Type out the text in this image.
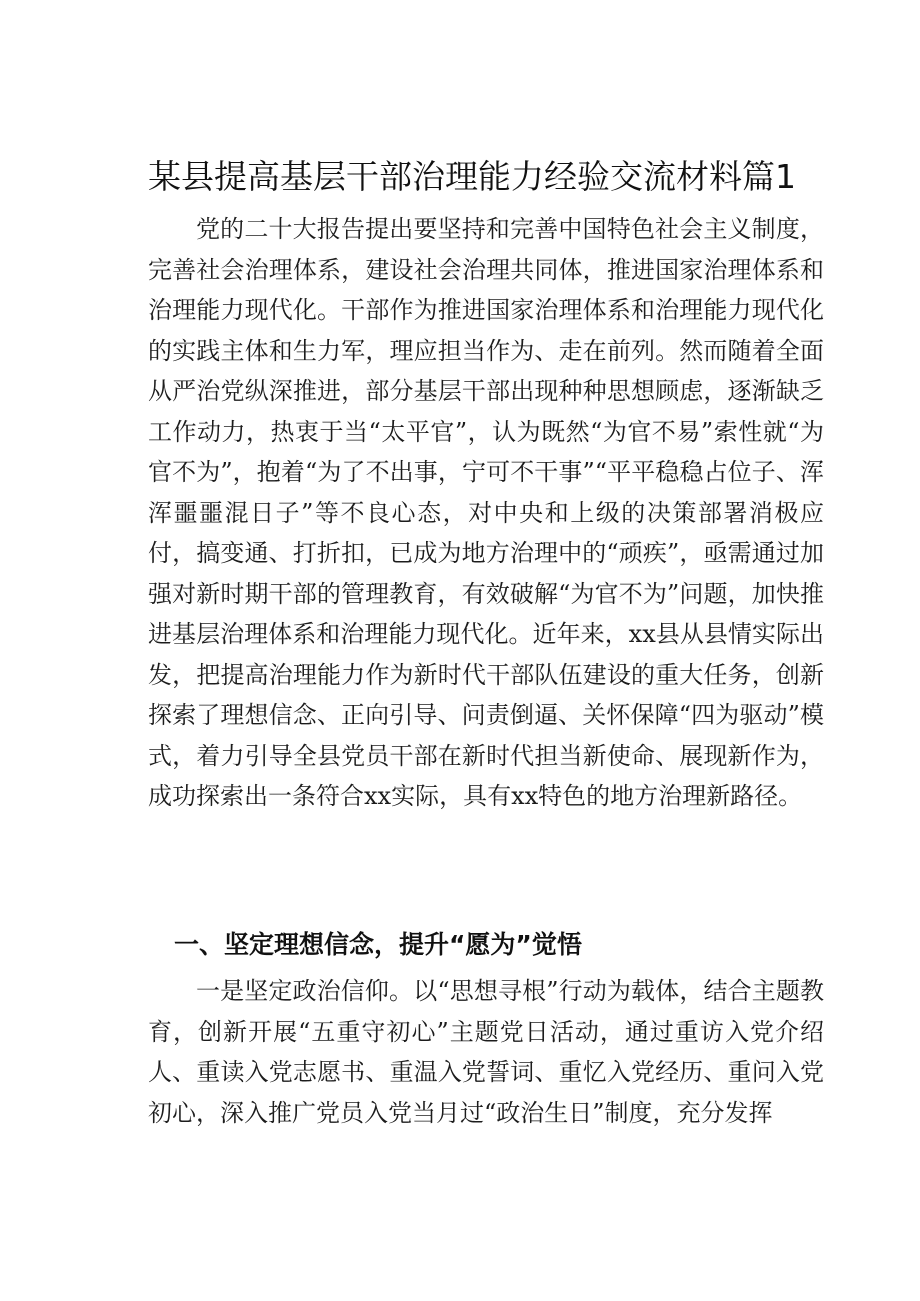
某县提高基层干部治理能力经验交流材料篇1

党的二十大报告提出要坚持和完善中国特色社会主义制度，完善社会治理体系，建设社会治理共同体，推进国家治理体系和治理能力现代化。干部作为推进国家治理体系和治理能力现代化的实践主体和生力军，理应担当作为、走在前列。然而随着全面从严治党纵深推进，部分基层干部出现种种思想顾虑，逐渐缺乏工作动力，热衷于当“太平官”，认为既然“为官不易”索性就“为官不为”，抱着“为了不出事，宁可不干事”“平平稳稳占位子、浑浑噩噩混日子”等不良心态，对中央和上级的决策部署消极应付，搞变通、打折扣，已成为地方治理中的“顽疾”，亟需通过加强对新时期干部的管理教育，有效破解“为官不为”问题，加快推进基层治理体系和治理能力现代化。近年来，xx县从县情实际出发，把提高治理能力作为新时代干部队伍建设的重大任务，创新探索了理想信念、正向引导、问责倒逼、关怀保障“四为驱动”模式，着力引导全县党员干部在新时代担当新使命、展现新作为，成功探索出一条符合xx实际，具有xx特色的地方治理新路径。

一、坚定理想信念，提升“愿为”觉悟

一是坚定政治信仰。以“思想寻根”行动为载体，结合主题教育，创新开展“五重守初心”主题党日活动，通过重访入党介绍人、重读入党志愿书、重温入党誓词、重忆入党经历、重问入党初心，深入推广党员入党当月过“政治生日”制度，充分发挥
